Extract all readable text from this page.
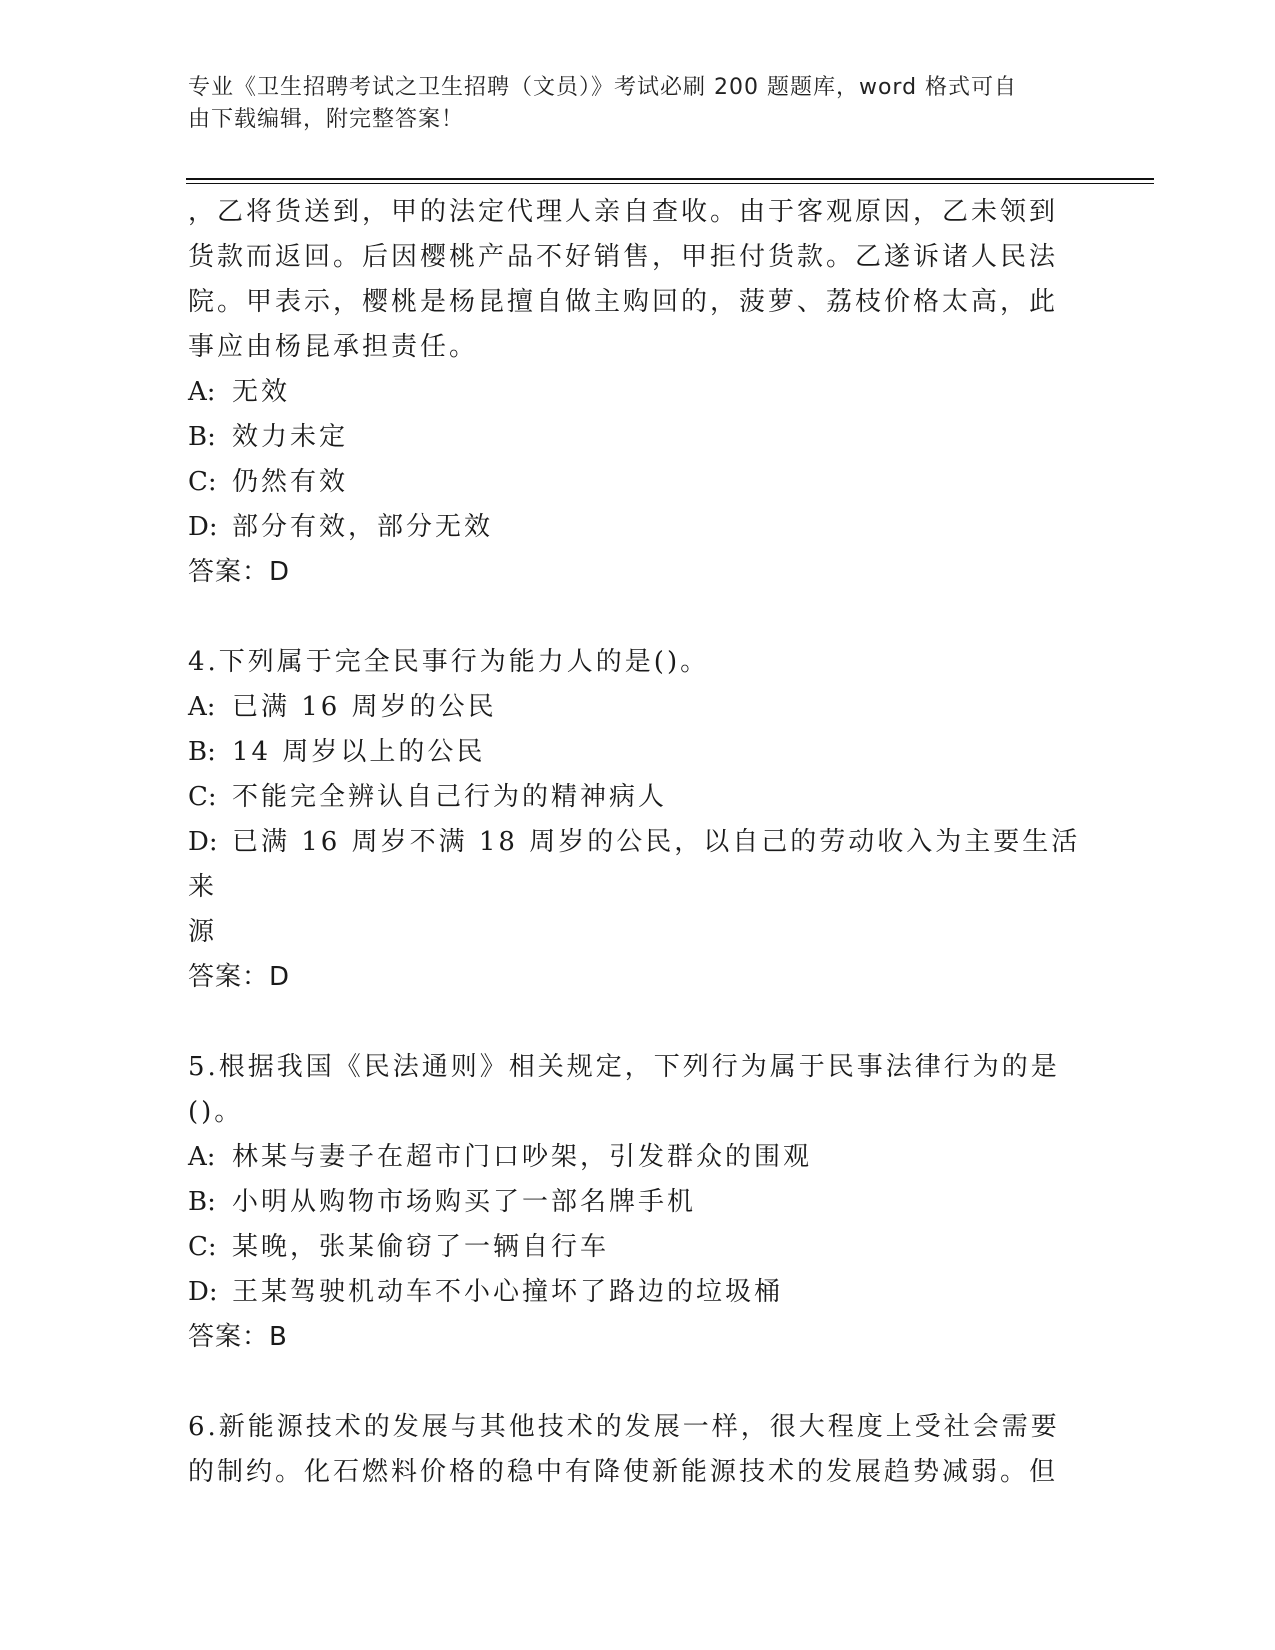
专业《卫生招聘考试之卫生招聘（文员）》考试必刷 200 题题库，word 格式可自
由下载编辑，附完整答案！

，乙将货送到，甲的法定代理人亲自查收。由于客观原因，乙未领到

货款而返回。后因樱桃产品不好销售，甲拒付货款。乙遂诉诸人民法

院。甲表示，樱桃是杨昆擅自做主购回的，菠萝、荔枝价格太高，此

事应由杨昆承担责任。

A: 无效

B: 效力未定

C: 仍然有效

D: 部分有效，部分无效

答案：D

4.下列属于完全民事行为能力人的是()。

A: 已满 16 周岁的公民

B: 14 周岁以上的公民

C: 不能完全辨认自己行为的精神病人

D: 已满 16 周岁不满 18 周岁的公民，以自己的劳动收入为主要生活来

源

答案：D

5.根据我国《民法通则》相关规定，下列行为属于民事法律行为的是

()。

A: 林某与妻子在超市门口吵架，引发群众的围观

B: 小明从购物市场购买了一部名牌手机

C: 某晚，张某偷窃了一辆自行车

D: 王某驾驶机动车不小心撞坏了路边的垃圾桶

答案：B

6.新能源技术的发展与其他技术的发展一样，很大程度上受社会需要

的制约。化石燃料价格的稳中有降使新能源技术的发展趋势减弱。但
